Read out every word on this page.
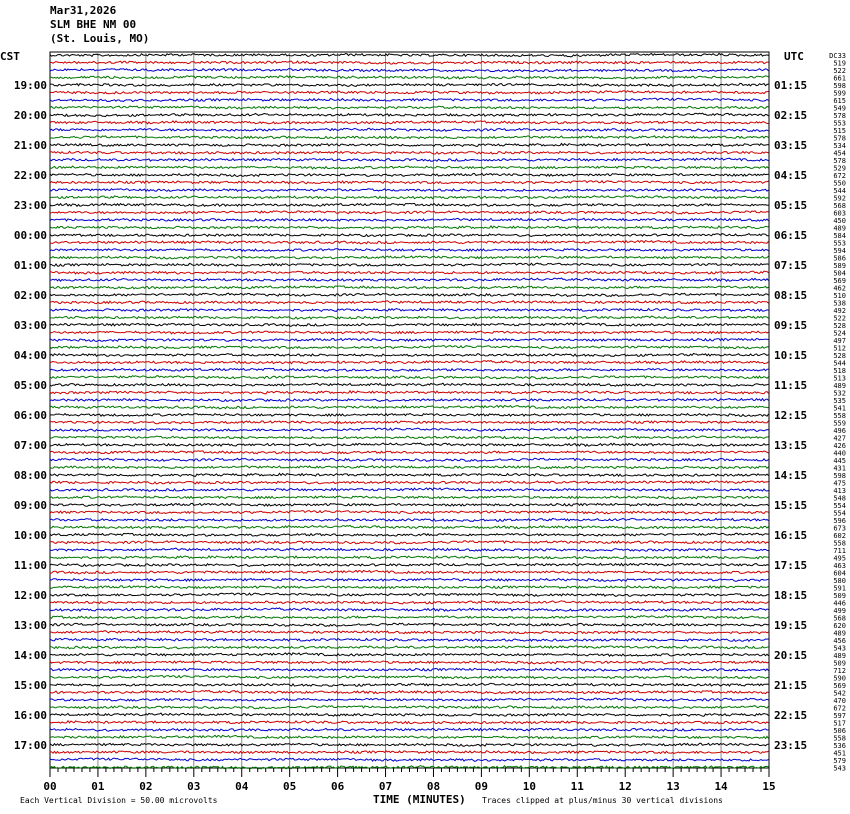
Mar31,2026
SLM BHE NM 00
(St. Louis, MO)
CST	UTC
19:00
20:00
21:00
22:00
23:00
00:00
01:00
02:00
03:00
04:00
05:00
06:00
07:00
08:00
09:00
10:00
11:00
12:00
13:00
14:00
15:00
16:00
17:00
01:15
02:15
03:15
04:15
05:15
06:15
07:15
08:15
09:15
10:15
11:15
12:15
13:15
14:15
15:15
16:15
17:15
18:15
19:15
20:15
21:15
22:15
23:15
DC33
519
522
661
598
599
615
549
578
553
515
578
534
454
578
529
672
550
544
592
568
603
450
489
584
553
594
586
589
504
569
462
510
538
492
522
528
524
497
512
528
544
518
513
489
532
535
541
558
559
496
427
426
440
445
431
598
475
413
548
554
554
596
673
602
558
711
495
463
604
580
591
509
446
499
568
620
489
456
543
489
509
712
590
569
542
470
672
597
517
506
558
536
451
579
543
00	01	02	03	04	05	06	07	08	09	10	11	12	13	14	15
Each Vertical Division = 50.00 microvolts	TIME (MINUTES) Traces clipped at plus/minus 30 vertical divisions
